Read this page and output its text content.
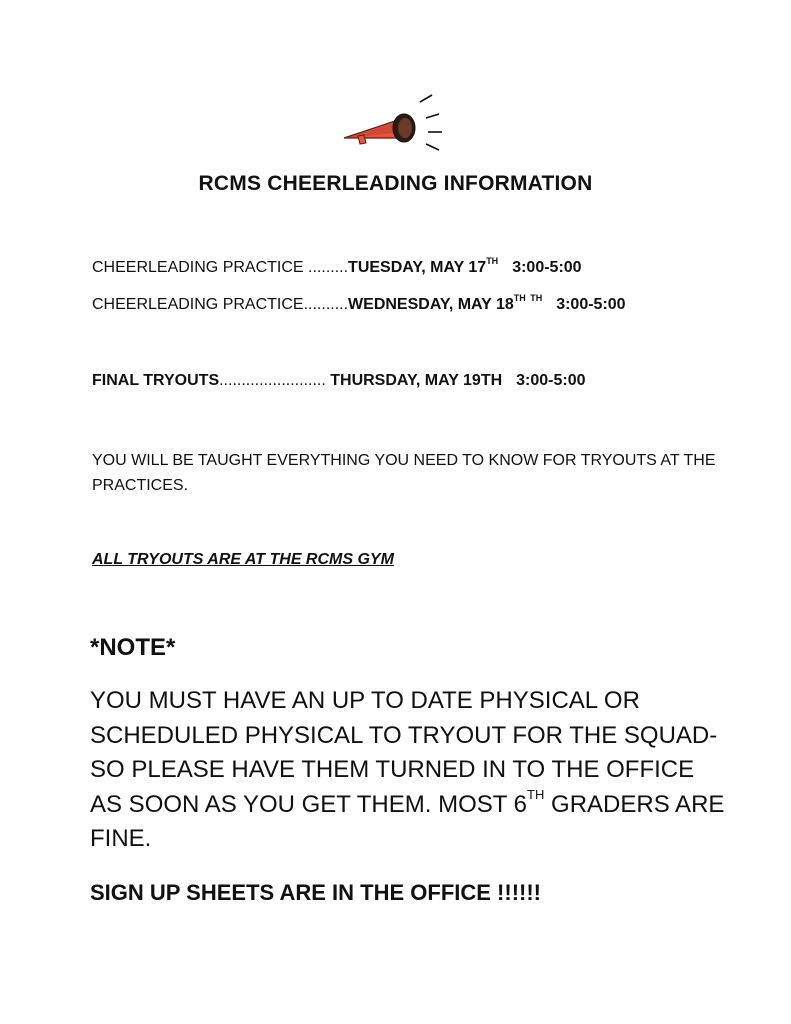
RCMS CHEERLEADING INFORMATION
CHEERLEADING PRACTICE .........TUESDAY, MAY 17TH 3:00-5:00
CHEERLEADING PRACTICE..........WEDNESDAY, MAY 18TH $^{TH}$ 3:00-5:00
FINAL TRYOUTS........................ THURSDAY, MAY 19TH 3:00-5:00
YOU WILL BE TAUGHT EVERYTHING YOU NEED TO KNOW FOR TRYOUTS AT THE PRACTICES.
ALL TRYOUTS ARE AT THE RCMS GYM
*NOTE*
YOU MUST HAVE AN UP TO DATE PHYSICAL OR SCHEDULED PHYSICAL TO TRYOUT FOR THE SQUAD- SO PLEASE HAVE THEM TURNED IN TO THE OFFICE AS SOON AS YOU GET THEM. MOST 6TH GRADERS ARE FINE.
SIGN UP SHEETS ARE IN THE OFFICE !!!!!!
